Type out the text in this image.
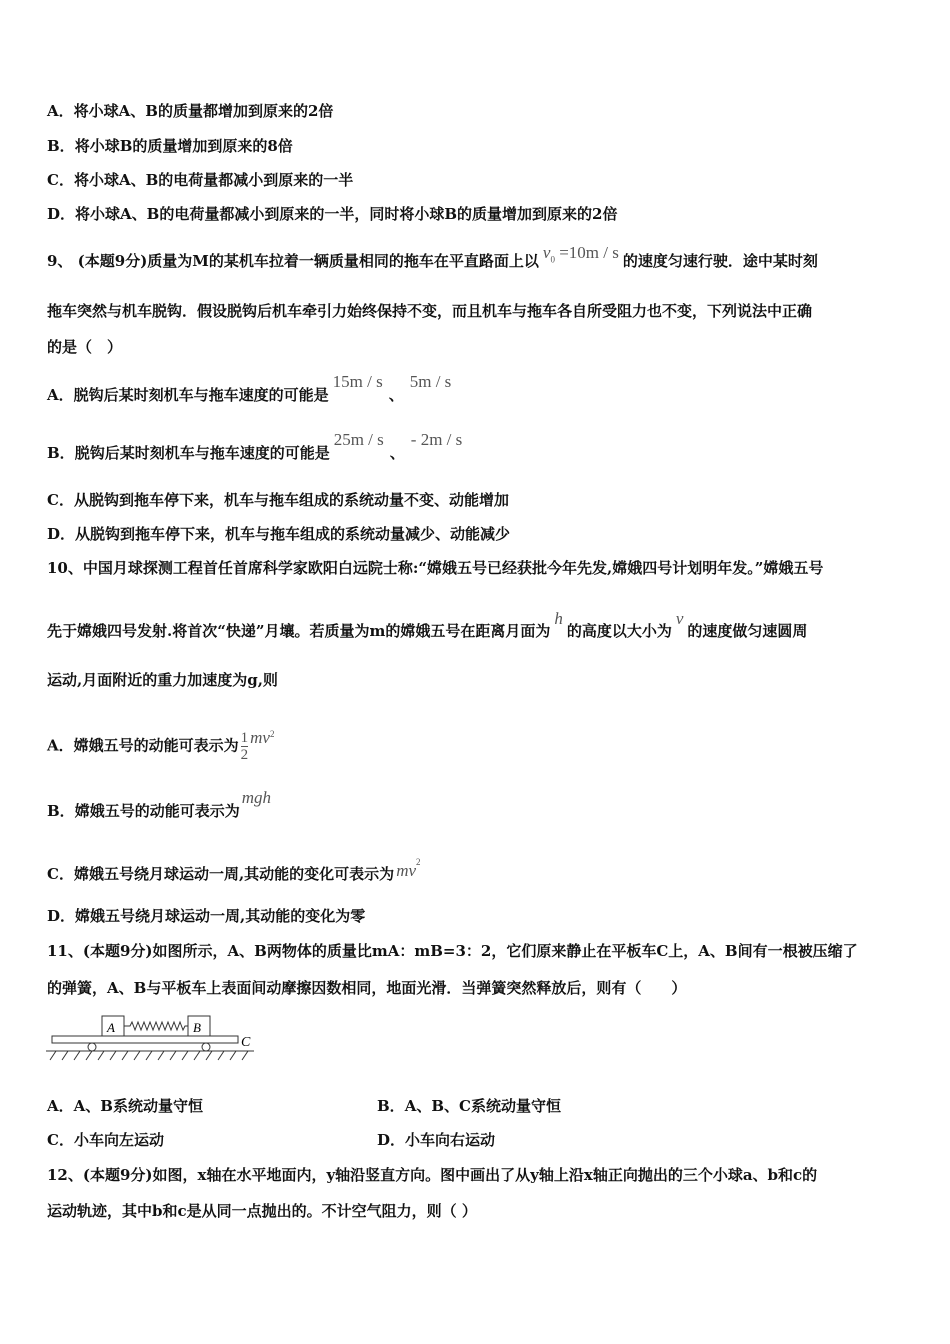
A．将小球A、B的质量都增加到原来的2倍
B．将小球B的质量增加到原来的8倍
C．将小球A、B的电荷量都减小到原来的一半
D．将小球A、B的电荷量都减小到原来的一半，同时将小球B的质量增加到原来的2倍
9、 (本题9分)质量为M的某机车拉着一辆质量相同的拖车在平直路面上以 $v_0 =10m / s$ 的速度匀速行驶．途中某时刻
拖车突然与机车脱钩．假设脱钩后机车牵引力始终保持不变，而且机车与拖车各自所受阻力也不变，下列说法中正确
的是（　）
A．脱钩后某时刻机车与拖车速度的可能是15m / s、5m / s
B．脱钩后某时刻机车与拖车速度的可能是25m / s、- 2m / s
C．从脱钩到拖车停下来，机车与拖车组成的系统动量不变、动能增加
D．从脱钩到拖车停下来，机车与拖车组成的系统动量减少、动能减少
10、中国月球探测工程首任首席科学家欧阳白远院士称:“嫦娥五号已经获批今年先发,嫦娥四号计划明年发。”嫦娥五号
先于嫦娥四号发射.将首次“快递”月壤。若质量为m的嫦娥五号在距离月面为h的高度以大小为v的速度做匀速圆周
运动,月面附近的重力加速度为g,则
A．嫦娥五号的动能可表示为 $\frac{1}{2} mv^2$
B．嫦娥五号的动能可表示为mgh
C．嫦娥五号绕月球运动一周,其动能的变化可表示为 $mv^2$
D．嫦娥五号绕月球运动一周,其动能的变化为零
11、(本题9分)如图所示，A、B两物体的质量比mA：mB=3：2，它们原来静止在平板车C上，A、B间有一根被压缩了
的弹簧，A、B与平板车上表面间动摩擦因数相同，地面光滑．当弹簧突然释放后，则有（　　）
A	B
C
A．A、B系统动量守恒	B．A、B、C系统动量守恒
C．小车向左运动	D．小车向右运动
12、(本题9分)如图，x轴在水平地面内，y轴沿竖直方向。图中画出了从y轴上沿x轴正向抛出的三个小球a、b和c的
运动轨迹，其中b和c是从同一点抛出的。不计空气阻力，则（ ）
